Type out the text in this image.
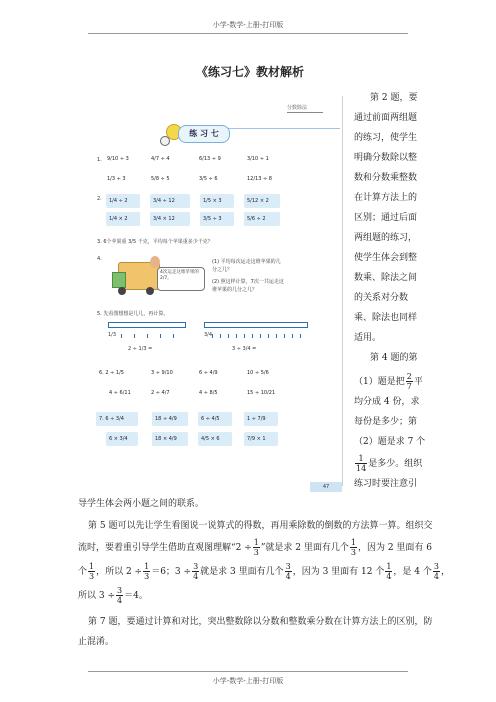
小学-数学-上册-打印版
小学-数学-上册-打印版
《练习七》教材解析
分数除法
练 习 七
1.	9/10 ÷ 3	4/7 ÷ 4	6/13 ÷ 9	3/10 ÷ 1
1/3 ÷ 3	5/8 ÷ 5	3/5 ÷ 6	12/13 ÷ 8
2.	1/4 ÷ 2	3/4 ÷ 12	1/5 × 3	5/12 × 2
1/4 × 2	3/4 × 12	3/5 ÷ 3	5/6 ÷ 2
3. 6个苹果重 3/5 千克，平均每个苹果重多少千克？
4.
4次运走这堆苹果的 2/7。
(1) 平均每次运走这堆苹果的几分之几？
(2) 照这样计算，7次一共运走这堆苹果的几分之几？
5. 先看图想想是几几，再计算。
1/3	3/4
2 ÷ 1/3 =	3 ÷ 3/4 =
6. 2 ÷ 1/5	3 ÷ 9/10	6 ÷ 4/9	10 ÷ 5/6
4 ÷ 6/11	2 ÷ 4/7	4 ÷ 8/5	15 ÷ 10/21
7. 6 ÷ 3/4	18 ÷ 4/9	6 ÷ 4/5	1 ÷ 7/9
6 × 3/4	18 × 4/9	4/5 × 6	7/9 × 1
47
第 2 题，要
通过前面两组题
的练习，使学生
明确分数除以整
数和分数乘整数
在计算方法上的
区别；通过后面
两组题的练习，
使学生体会到整
数乘、除法之间
的关系对分数
乘、除法也同样
适用。
第 4 题的第
（1）题是把 $\frac{2}{7}$ 平
均分成 4 份，求
每份是多少；第
（2）题是求 7 个
$\frac{1}{14}$ 是多少。组织
练习时要注意引
导学生体会两小题之间的联系。
第 5 题可以先让学生看图说一说算式的得数，再用乘除数的倒数的方法算一算。组织交
流时，要着重引导学生借助直观图理解“$2 \div \frac{1}{3}$ ”就是求 2 里面有几个 $\frac{1}{3}$ ，因为 2 里面有 6
个 $\frac{1}{3}$ ，所以 $2 \div \frac{1}{3} =6$；$3 \div \frac{3}{4}$ 就是求 3 里面有几个 $\frac{3}{4}$ ，因为 3 里面有 12 个 $\frac{1}{4}$ ，是 4 个 $\frac{3}{4}$ ，
所以 $3 \div \frac{3}{4} =4$。
第 7 题，要通过计算和对比，突出整数除以分数和整数乘分数在计算方法上的区别，防
止混淆。
